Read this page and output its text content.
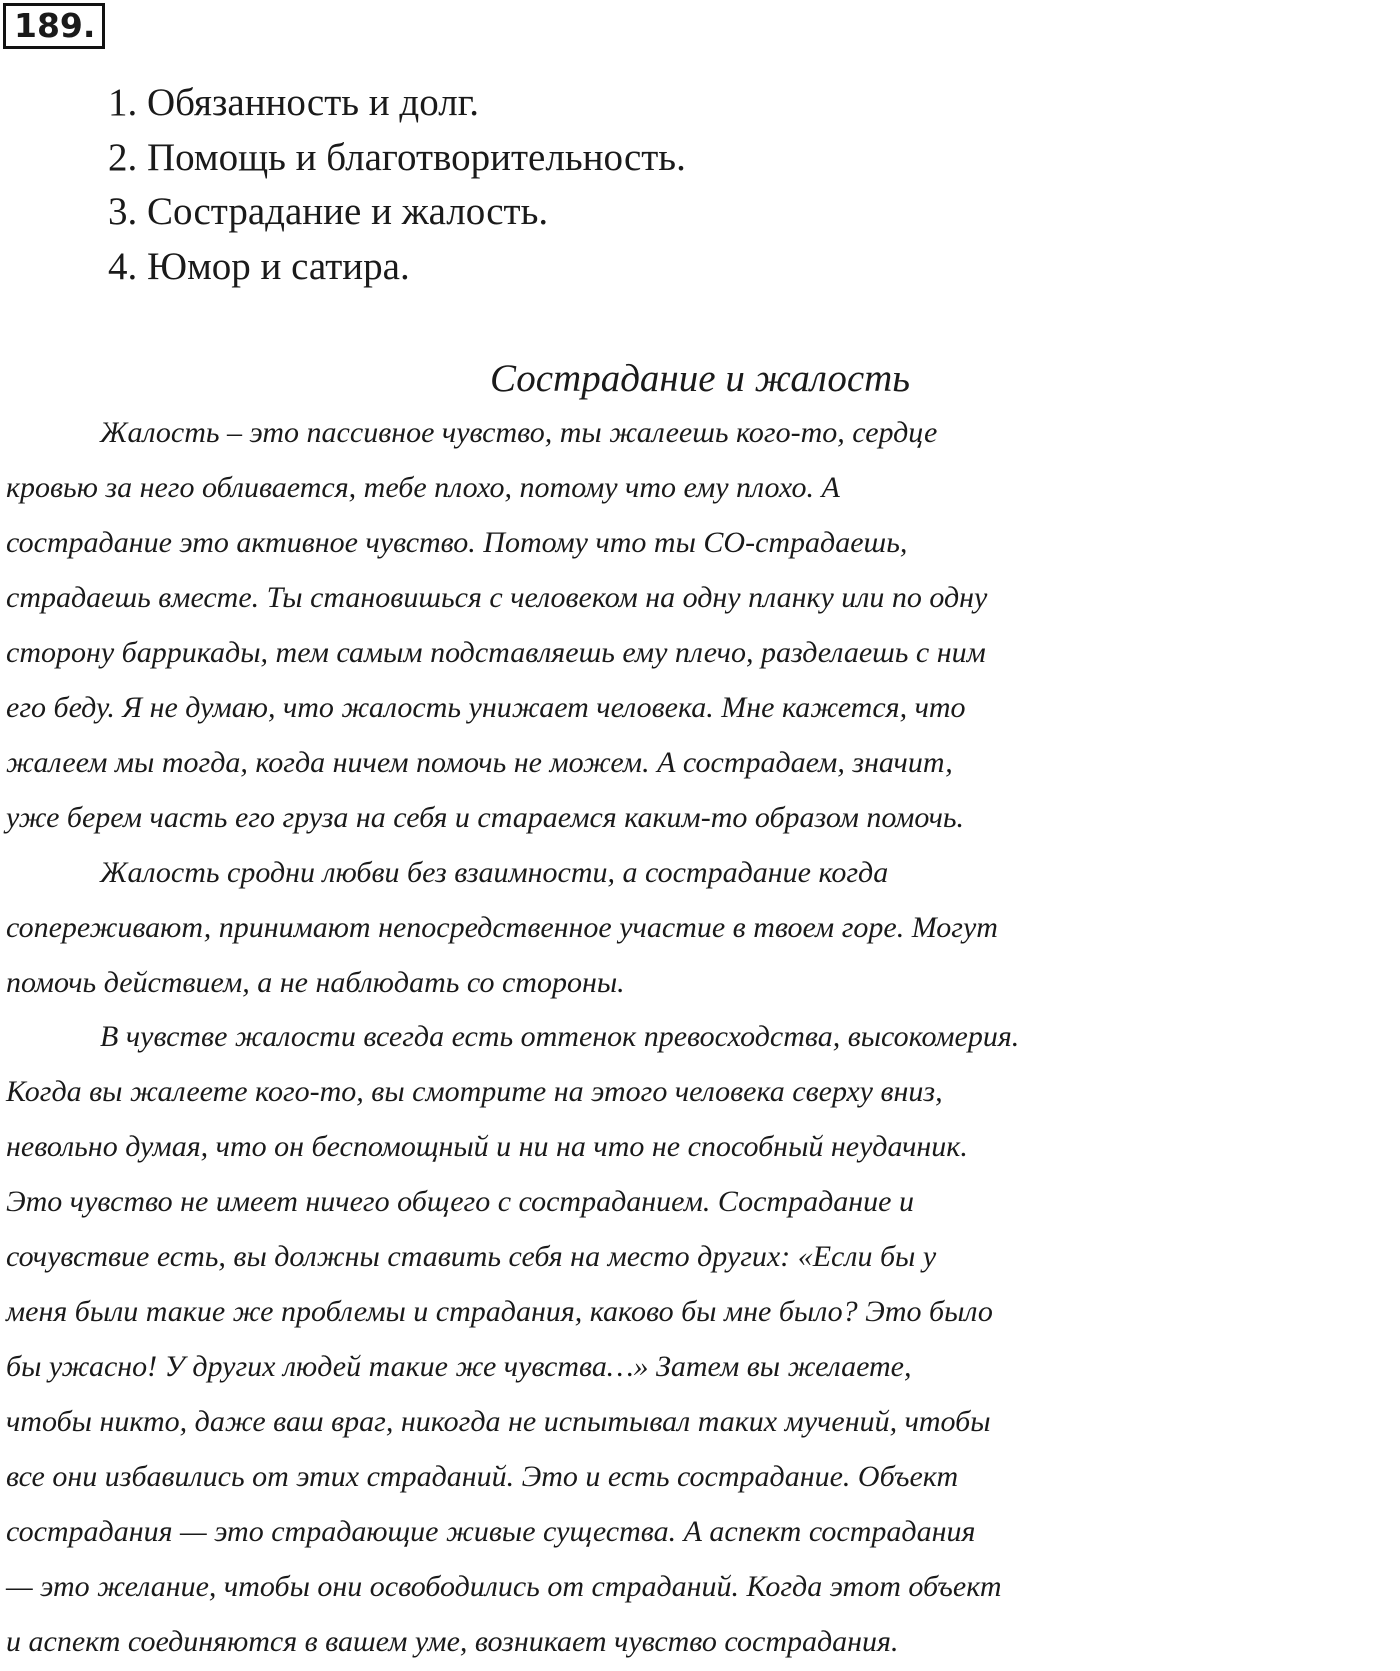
189.
1. Обязанность и долг.
2. Помощь и благотворительность.
3. Сострадание и жалость.
4. Юмор и сатира.
Сострадание и жалость
Жалость – это пассивное чувство, ты жалеешь кого-то, сердце
кровью за него обливается, тебе плохо, потому что ему плохо. А
сострадание это активное чувство. Потому что ты СО-страдаешь,
страдаешь вместе. Ты становишься с человеком на одну планку или по одну
сторону баррикады, тем самым подставляешь ему плечо, разделаешь с ним
его беду. Я не думаю, что жалость унижает человека. Мне кажется, что
жалеем мы тогда, когда ничем помочь не можем. А сострадаем, значит,
уже берем часть его груза на себя и стараемся каким-то образом помочь.
Жалость сродни любви без взаимности, а сострадание когда
сопереживают, принимают непосредственное участие в твоем горе. Могут
помочь действием, а не наблюдать со стороны.
В чувстве жалости всегда есть оттенок превосходства, высокомерия.
Когда вы жалеете кого-то, вы смотрите на этого человека сверху вниз,
невольно думая, что он беспомощный и ни на что не способный неудачник.
Это чувство не имеет ничего общего с состраданием. Сострадание и
сочувствие есть, вы должны ставить себя на место других: «Если бы у
меня были такие же проблемы и страдания, каково бы мне было? Это было
бы ужасно! У других людей такие же чувства…» Затем вы желаете,
чтобы никто, даже ваш враг, никогда не испытывал таких мучений, чтобы
все они избавились от этих страданий. Это и есть сострадание. Объект
сострадания — это страдающие живые существа. А аспект сострадания
— это желание, чтобы они освободились от страданий. Когда этот объект
и аспект соединяются в вашем уме, возникает чувство сострадания.
